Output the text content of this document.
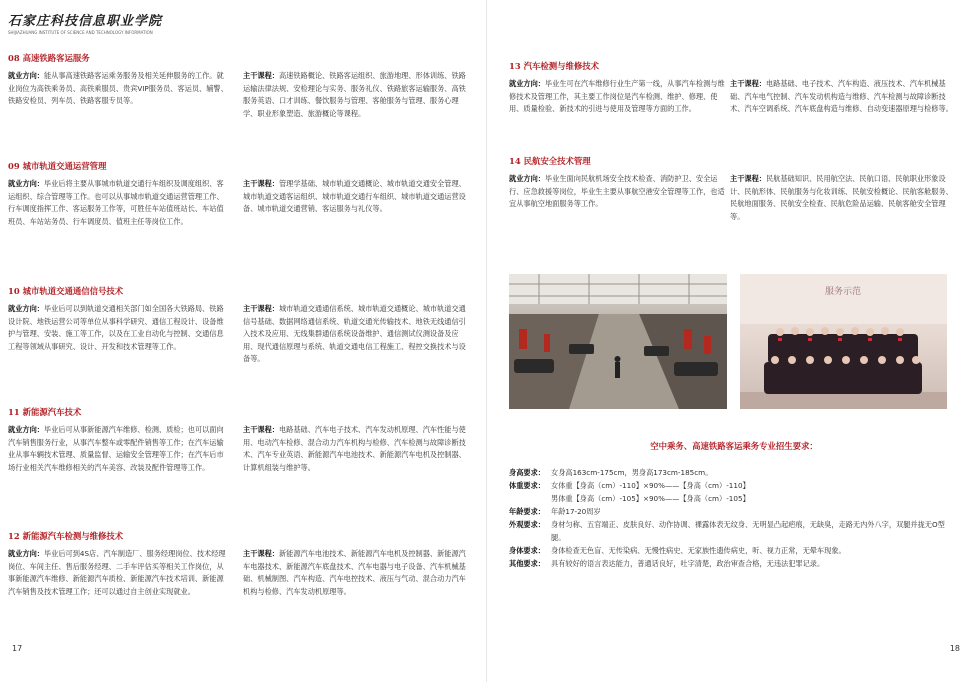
石家庄科技信息职业学院
SHIJIAZHUANG INSTITUTE OF SCIENCE AND TECHNOLOGY INFORMATION
08 高速铁路客运服务
就业方向：能从事高速铁路客运乘务服务及相关延伸服务的工作。就业岗位为高铁乘务员、高铁乘服员、贵宾VIP服务员、客运员、辅警、铁路安检员、列车员、铁路客服专员等。
主干课程：高速铁路概论、铁路客运组织、旅游地理、形体训练、铁路运输法律法规、安检理论与实务、服务礼仪、铁路旅客运输服务、高铁服务英语、口才训练、餐饮服务与管理、客舱服务与管理、服务心理学、职业形象塑造、旅游概论等课程。
09 城市轨道交通运营管理
就业方向：毕业后将主要从事城市轨道交通行车组织及调度组织、客运组织、综合管理等工作。也可以从事城市轨道交通运营管理工作、行车调度指挥工作、客运服务工作等，可胜任车站值班站长、车站值班员、车站站务员、行车调度员、值班主任等岗位工作。
主干课程：管理学基础、城市轨道交通概论、城市轨道交通安全管理、城市轨道交通客运组织、城市轨道交通行车组织、城市轨道交通运营设备、城市轨道交通营销、客运服务与礼仪等。
10 城市轨道交通通信信号技术
就业方向：毕业后可以到轨道交通相关部门如全国各大铁路局、铁路设计院、地铁运营公司等单位从事科学研究、通信工程设计、设备维护与管理、安装、施工等工作，以及在工业自动化与控制、交通信息工程等领域从事研究、设计、开发和技术管理等工作。
主干课程：城市轨道交通通信系统、城市轨道交通概论、城市轨道交通信号基础、数据网络通信系统、轨道交通光传输技术、地铁无线通信引入技术及应用、无线集群通信系统设备维护、通信测试仪测设备及应用、现代通信原理与系统、轨道交通电信工程施工、程控交换技术与设备等。
11 新能源汽车技术
就业方向：毕业后可从事新能源汽车维修、检测、质检；也可以面向汽车销售服务行业，从事汽车整车或零配件销售等工作；在汽车运输业从事车辆技术管理、质量监督、运输安全管理等工作；在汽车后市场行业相关汽车维修相关的汽车美容、改装及配件管理等工作。
主干课程：电路基础、汽车电子技术、汽车发动机原理、汽车性能与使用、电动汽车检修、混合动力汽车机构与检修、汽车检测与故障诊断技术、汽车专业英语、新能源汽车电池技术、新能源汽车电机及控制器、计算机组装与维护等。
12 新能源汽车检测与维修技术
就业方向：毕业后可到4S店、汽车制造厂、服务经理岗位、技术经理岗位、车间主任、售后服务经理、二手车评估买等相关工作岗位，从事新能源汽车维修、新能源汽车质检、新能源汽车技术培训、新能源汽车销售及技术管理工作；还可以通过自主创业实现就业。
主干课程：新能源汽车电池技术、新能源汽车电机及控制器、新能源汽车电器技术、新能源汽车底盘技术、汽车电器与电子设备、汽车机械基础、机械制图、汽车构造、汽车电控技术、液压与气动、混合动力汽车机构与检修、汽车发动机原理等。
17
13 汽车检测与维修技术
就业方向：毕业生可在汽车维修行业生产第一线，从事汽车检测与维修技术及管理工作，其主要工作岗位是汽车检测、维护、修理、使用、质量检验、新技术的引进与使用及管理等方面的工作。
主干课程：电路基础、电子技术、汽车构造、液压技术、汽车机械基础、汽车电气控制、汽车发动机构造与维修、汽车检测与故障诊断技术、汽车空调系统、汽车底盘构造与维修、自动变速器原理与检修等。
14 民航安全技术管理
就业方向：毕业生面向民航机场安全技术检查、消防护卫、安全运行、应急救援等岗位，毕业生主要从事航空港安全管理等工作，也适宜从事航空地面服务等工作。
主干课程：民航基础知识、民用航空法、民航口语、民航职业形象设计、民航形体、民航服务与化妆训练、民航安检概论、民航客舱服务、民航地面服务、民航安全检查、民航危险品运输、民航客舱安全管理等。
服务示范
空中乘务、高速铁路客运乘务专业招生要求：
身高要求： 女身高163cm-175cm，男身高173cm-185cm。
体重要求： 女体重【身高（cm）-110】×90%——【身高（cm）-110】
男体重【身高（cm）-105】×90%——【身高（cm）-105】
年龄要求： 年龄17-20周岁
外观要求： 身材匀称、五官端正、皮肤良好、动作协调、裸露体表无纹身、无明显凸起疤痕，无缺臭，走路无内外八字，双腿并拢无O型腿。
身体要求： 身体检查无色盲、无传染病、无慢性病史、无家族性遗传病史，听、视力正常，无晕车现象。
其他要求： 具有较好的语言表达能力，普通话良好，吐字清楚，政治审查合格，无违法犯罪记录。
18
